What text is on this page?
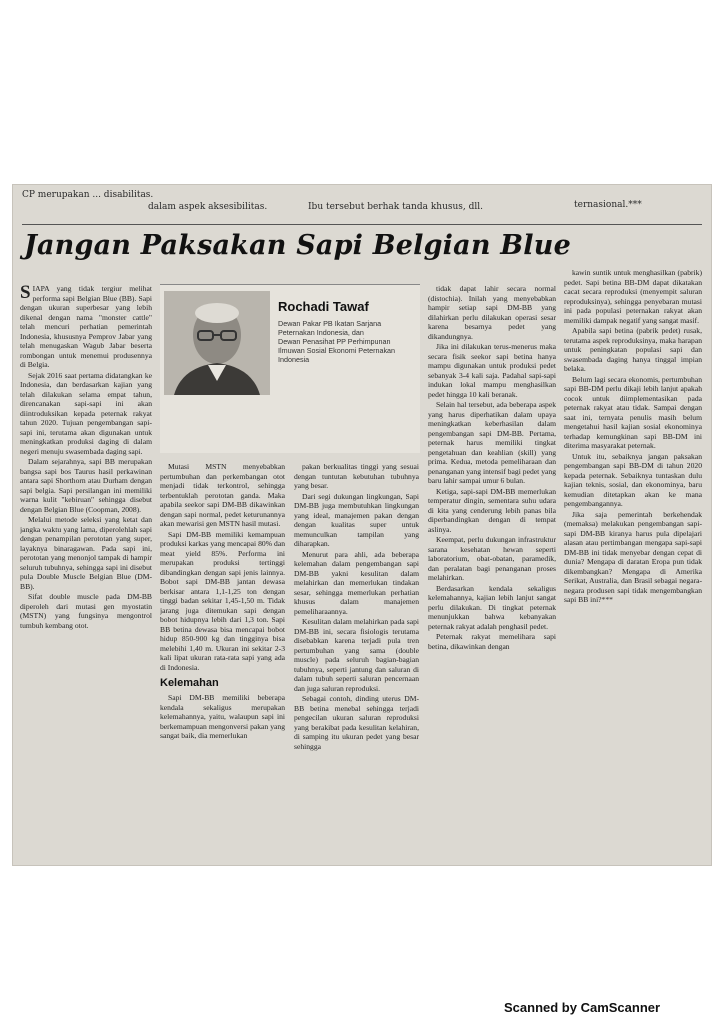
CP merupakan ... disabilitas.
dalam aspek aksesibilitas.	Ibu tersebut berhak tanda khusus, dll.	ternasional.***
Jangan Paksakan Sapi Belgian Blue

SIAPA yang tidak tergiur melihat performa sapi Belgian Blue (BB). Sapi dengan ukuran superbesar yang lebih dikenal dengan nama "monster cattle" telah mencuri perhatian pemerintah Indonesia, khususnya Pemprov Jabar yang telah menugaskan Wagub Jabar beserta rombongan untuk menemui produsennya di Belgia.

Sejak 2016 saat pertama didatangkan ke Indonesia, dan berdasarkan kajian yang telah dilakukan selama empat tahun, direncanakan sapi-sapi ini akan diintroduksikan kepada peternak rakyat tahun 2020. Tujuan pengembangan sapi-sapi ini, terutama akan digunakan untuk meningkatkan produksi daging di dalam negeri menuju swasembada daging sapi.

Dalam sejarahnya, sapi BB merupakan bangsa sapi bos Taurus hasil perkawinan antara sapi Shorthorn atau Durham dengan sapi belgia. Sapi persilangan ini memiliki warna kulit "kebiruan" sehingga disebut dengan Belgian Blue (Coopman, 2008).

Melalui metode seleksi yang ketat dan jangka waktu yang lama, diperolehlah sapi dengan penampilan perototan yang super, layaknya binaragawan. Pada sapi ini, perototan yang menonjol tampak di hampir seluruh tubuhnya, sehingga sapi ini disebut pula Double Muscle Belgian Blue (DM-BB).

Sifat double muscle pada DM-BB diperoleh dari mutasi gen myostatin (MSTN) yang fungsinya mengontrol tumbuh kembang otot.

Rochadi Tawaf
Dewan Pakar PB Ikatan Sarjana Peternakan Indonesia, dan
Dewan Penasihat PP Perhimpunan Ilmuwan Sosial Ekonomi Peternakan Indonesia

Mutasi MSTN menyebabkan pertumbuhan dan perkembangan otot menjadi tidak terkontrol, sehingga terbentuklah perototan ganda. Maka apabila seekor sapi DM-BB dikawinkan dengan sapi normal, pedet keturunannya akan mewarisi gen MSTN hasil mutasi.

Sapi DM-BB memiliki kemampuan produksi karkas yang mencapai 80% dan meat yield 85%. Performa ini merupakan produksi tertinggi dibandingkan dengan sapi jenis lainnya. Bobot sapi DM-BB jantan dewasa berkisar antara 1,1-1,25 ton dengan tinggi badan sekitar 1,45-1,50 m. Tidak jarang juga ditemukan sapi dengan bobot hidupnya lebih dari 1,3 ton. Sapi BB betina dewasa bisa mencapai bobot hidup 850-900 kg dan tingginya bisa melebihi 1,40 m. Ukuran ini sekitar 2-3 kali lipat ukuran rata-rata sapi yang ada di Indonesia.

Kelemahan

Sapi DM-BB memiliki beberapa kendala sekaligus merupakan kelemahannya, yaitu, walaupun sapi ini berkemampuan mengonversi pakan yang sangat baik, dia memerlukan

pakan berkualitas tinggi yang sesuai dengan tuntutan kebutuhan tubuhnya yang besar.

Dari segi dukungan lingkungan, Sapi DM-BB juga membutuhkan lingkungan yang ideal, manajemen pakan dengan dengan kualitas super untuk memunculkan tampilan yang diharapkan.

Menurut para ahli, ada beberapa kelemahan dalam pengembangan sapi DM-BB yakni kesulitan dalam melahirkan dan memerlukan tindakan sesar, sehingga memerlukan perhatian khusus dalam manajemen pemeliharaannya.

Kesulitan dalam melahirkan pada sapi DM-BB ini, secara fisiologis terutama disebabkan karena terjadi pula tren pertumbuhan yang sama (double muscle) pada seluruh bagian-bagian tubuhnya, seperti jantung dan saluran di dalam tubuh seperti saluran pencernaan dan juga saluran reproduksi.

Sebagai contoh, dinding uterus DM-BB betina menebal sehingga terjadi pengecilan ukuran saluran reproduksi yang berakibat pada kesulitan kelahiran, di samping itu ukuran pedet yang besar sehingga

tidak dapat lahir secara normal (distochia). Inilah yang menyebabkan hampir setiap sapi DM-BB yang dilahirkan perlu dilakukan operasi sesar karena besarnya pedet yang dikandungnya.

Jika ini dilakukan terus-menerus maka secara fisik seekor sapi betina hanya mampu digunakan untuk produksi pedet sebanyak 3-4 kali saja. Padahal sapi-sapi indukan lokal mampu menghasilkan pedet hingga 10 kali beranak.

Selain hal tersebut, ada beberapa aspek yang harus diperhatikan dalam upaya meningkatkan keberhasilan dalam pengembangan sapi DM-BB. Pertama, peternak harus memiliki tingkat pengetahuan dan keahlian (skill) yang prima. Kedua, metoda pemeliharaan dan penanganan yang intensif bagi pedet yang baru lahir sampai umur 6 bulan.

Ketiga, sapi-sapi DM-BB memerlukan temperatur dingin, sementara suhu udara di kita yang cenderung lebih panas bila diperbandingkan dengan di tempat aslinya.

Keempat, perlu dukungan infrastruktur sarana kesehatan hewan seperti laboratorium, obat-obatan, paramedik, dan peralatan bagi penanganan proses melahirkan.

Berdasarkan kendala sekaligus kelemahannya, kajian lebih lanjut sangat perlu dilakukan. Di tingkat peternak menunjukkan bahwa kebanyakan peternak rakyat adalah penghasil pedet.

Peternak rakyat memelihara sapi betina, dikawinkan dengan

kawin suntik untuk menghasilkan (pabrik) pedet. Sapi betina BB-DM dapat dikatakan cacat secara reproduksi (menyempit saluran reproduksinya), sehingga penyebaran mutasi ini pada populasi peternakan rakyat akan memiliki dampak negatif yang sangat masif.

Apabila sapi betina (pabrik pedet) rusak, terutama aspek reproduksinya, maka harapan untuk peningkatan populasi sapi dan swasembada daging hanya tinggal impian belaka.

Belum lagi secara ekonomis, pertumbuhan sapi BB-DM perlu dikaji lebih lanjut apakah cocok untuk diimplementasikan pada peternak rakyat atau tidak. Sampai dengan saat ini, ternyata penulis masih belum mengetahui hasil kajian sosial ekonominya terhadap kemungkinan sapi BB-DM ini diterima masyarakat peternak.

Untuk itu, sebaiknya jangan paksakan pengembangan sapi BB-DM di tahun 2020 kepada peternak. Sebaiknya tuntaskan dulu kajian teknis, sosial, dan ekonominya, baru kemudian ditetapkan akan ke mana pengembangannya.

Jika saja pemerintah berkehendak (memaksa) melakukan pengembangan sapi-sapi DM-BB kiranya harus pula dipelajari alasan atau pertimbangan mengapa sapi-sapi DM-BB ini tidak menyebar dengan cepat di dunia? Mengapa di daratan Eropa pun tidak dikembangkan? Mengapa di Amerika Serikat, Australia, dan Brasil sebagai negara-negara produsen sapi tidak mengembangkan sapi BB ini?***

Scanned by CamScanner
